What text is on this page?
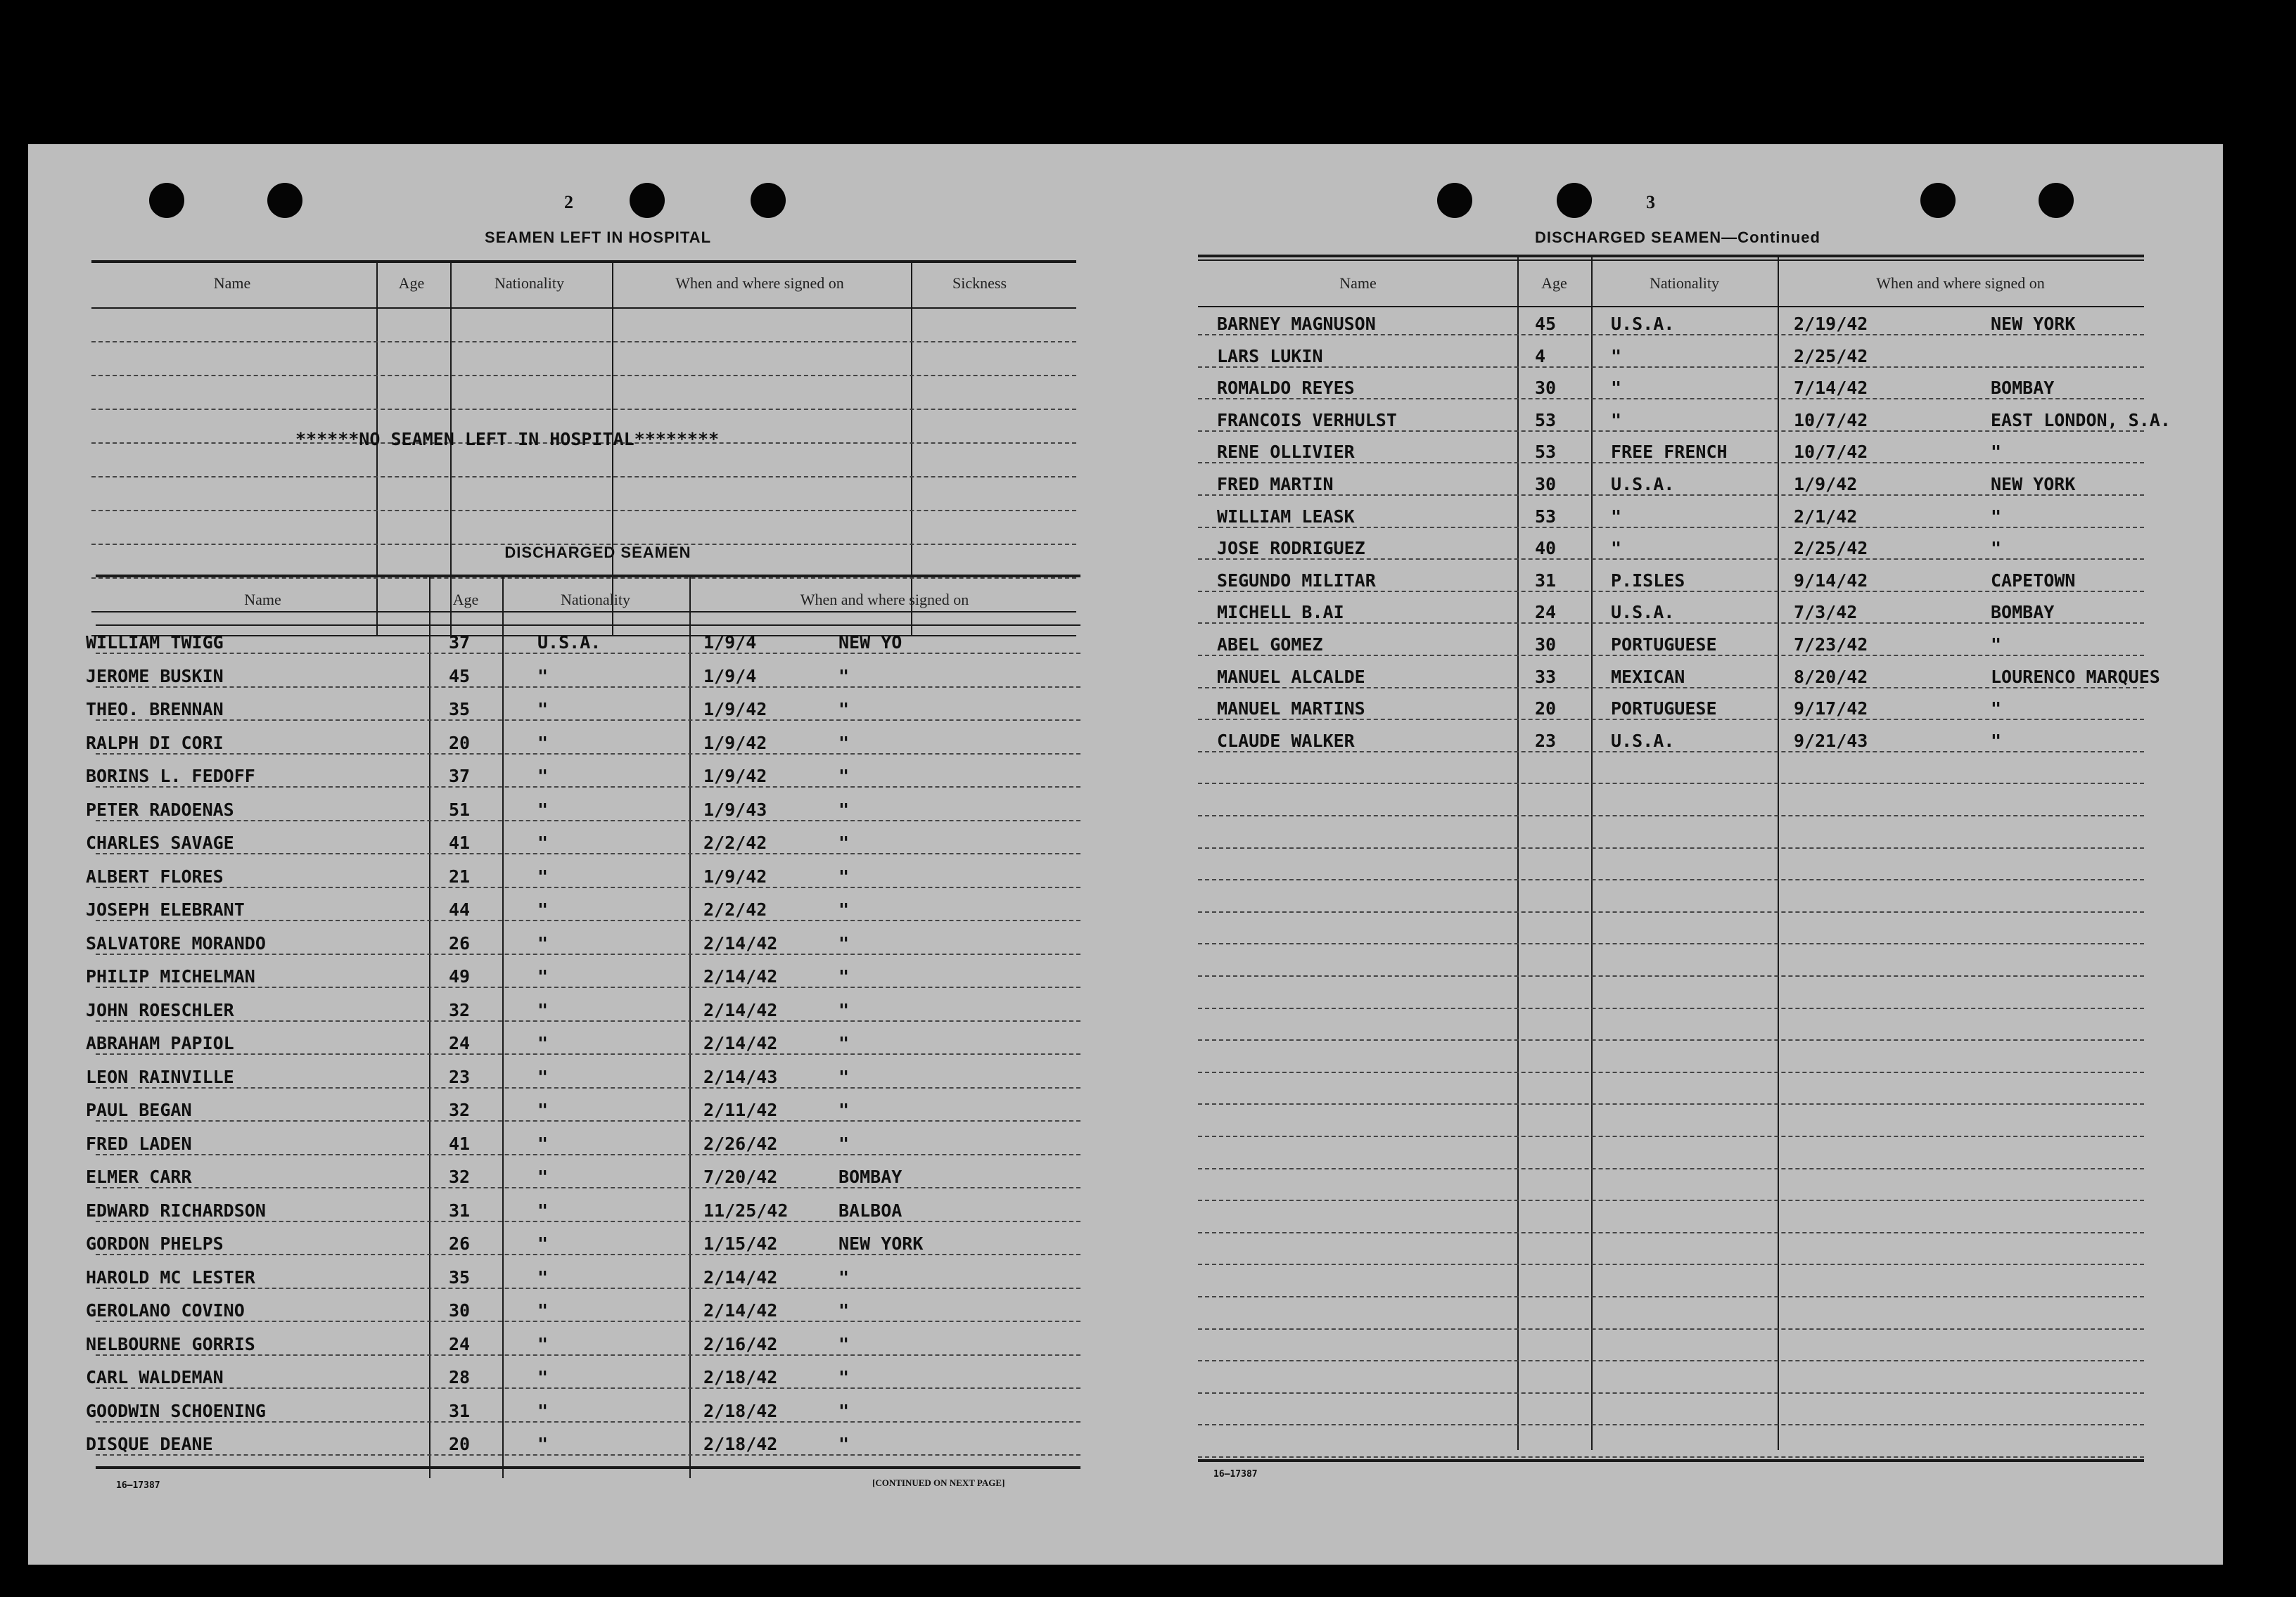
2
SEAMEN LEFT IN HOSPITAL
Name	Age	Nationality	When and where signed on	Sickness
******NO SEAMEN LEFT IN HOSPITAL********
DISCHARGED SEAMEN
Name	Age	Nationality	When and where signed on
WILLIAM TWIGG	37	U.S.A.	1/9/4	NEW YO
JEROME BUSKIN	45	"	1/9/4	"
THEO. BRENNAN	35	"	1/9/42	"
RALPH DI CORI	20	"	1/9/42	"
BORINS L. FEDOFF	37	"	1/9/42	"
PETER RADOENAS	51	"	1/9/43	"
CHARLES SAVAGE	41	"	2/2/42	"
ALBERT FLORES	21	"	1/9/42	"
JOSEPH ELEBRANT	44	"	2/2/42	"
SALVATORE MORANDO	26	"	2/14/42	"
PHILIP MICHELMAN	49	"	2/14/42	"
JOHN ROESCHLER	32	"	2/14/42	"
ABRAHAM PAPIOL	24	"	2/14/42	"
LEON RAINVILLE	23	"	2/14/43	"
PAUL BEGAN	32	"	2/11/42	"
FRED LADEN	41	"	2/26/42	"
ELMER CARR	32	"	7/20/42	BOMBAY
EDWARD RICHARDSON	31	"	11/25/42	BALBOA
GORDON PHELPS	26	"	1/15/42	NEW YORK
HAROLD MC LESTER	35	"	2/14/42	"
GEROLANO COVINO	30	"	2/14/42	"
NELBOURNE GORRIS	24	"	2/16/42	"
CARL WALDEMAN	28	"	2/18/42	"
GOODWIN SCHOENING	31	"	2/18/42	"
DISQUE DEANE	20	"	2/18/42	"
16—17387	[CONTINUED ON NEXT PAGE]
3
DISCHARGED SEAMEN—Continued
Name	Age	Nationality	When and where signed on
BARNEY MAGNUSON	45	U.S.A.	2/19/42	NEW YORK
LARS LUKIN	4	"	2/25/42
ROMALDO REYES	30	"	7/14/42	BOMBAY
FRANCOIS VERHULST	53	"	10/7/42	EAST LONDON, S.A.
RENE OLLIVIER	53	FREE FRENCH	10/7/42	"
FRED MARTIN	30	U.S.A.	1/9/42	NEW YORK
WILLIAM LEASK	53	"	2/1/42	"
JOSE RODRIGUEZ	40	"	2/25/42	"
SEGUNDO MILITAR	31	P.ISLES	9/14/42	CAPETOWN
MICHELL B.AI	24	U.S.A.	7/3/42	BOMBAY
ABEL GOMEZ	30	PORTUGUESE	7/23/42	"
MANUEL ALCALDE	33	MEXICAN	8/20/42	LOURENCO MARQUES
MANUEL MARTINS	20	PORTUGUESE	9/17/42	"
CLAUDE WALKER	23	U.S.A.	9/21/43	"
16—17387
